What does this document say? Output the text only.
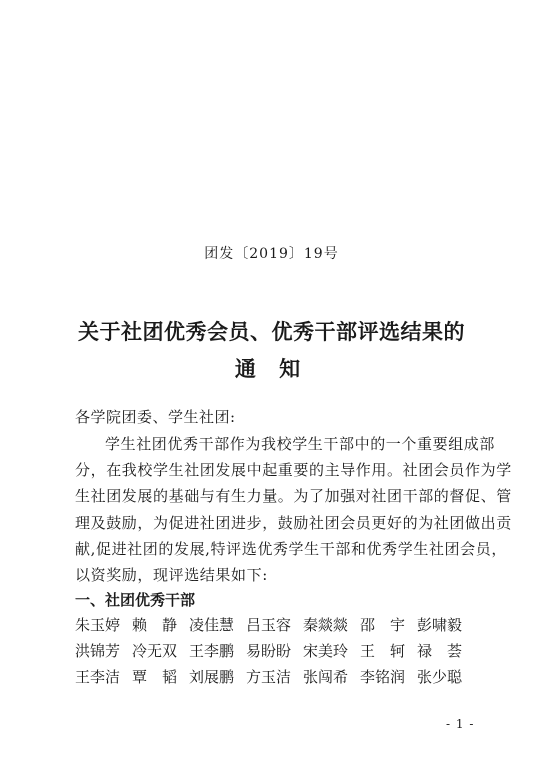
团发〔2019〕19号
关于社团优秀会员、优秀干部评选结果的
通 知
各学院团委、学生社团:
学生社团优秀干部作为我校学生干部中的一个重要组成部
分，在我校学生社团发展中起重要的主导作用。社团会员作为学
生社团发展的基础与有生力量。为了加强对社团干部的督促、管
理及鼓励，为促进社团进步，鼓励社团会员更好的为社团做出贡
献,促进社团的发展,特评选优秀学生干部和优秀学生社团会员，
以资奖励，现评选结果如下:
一、社团优秀干部
朱玉婷 赖　静 凌佳慧 吕玉容 秦燚燚 邵　宇 彭啸毅
洪锦芳 冷无双 王李鹏 易盼盼 宋美玲 王　轲 禄　荟
王李洁 覃　韬 刘展鹏 方玉洁 张闯希 李铭润 张少聪
- 1 -
